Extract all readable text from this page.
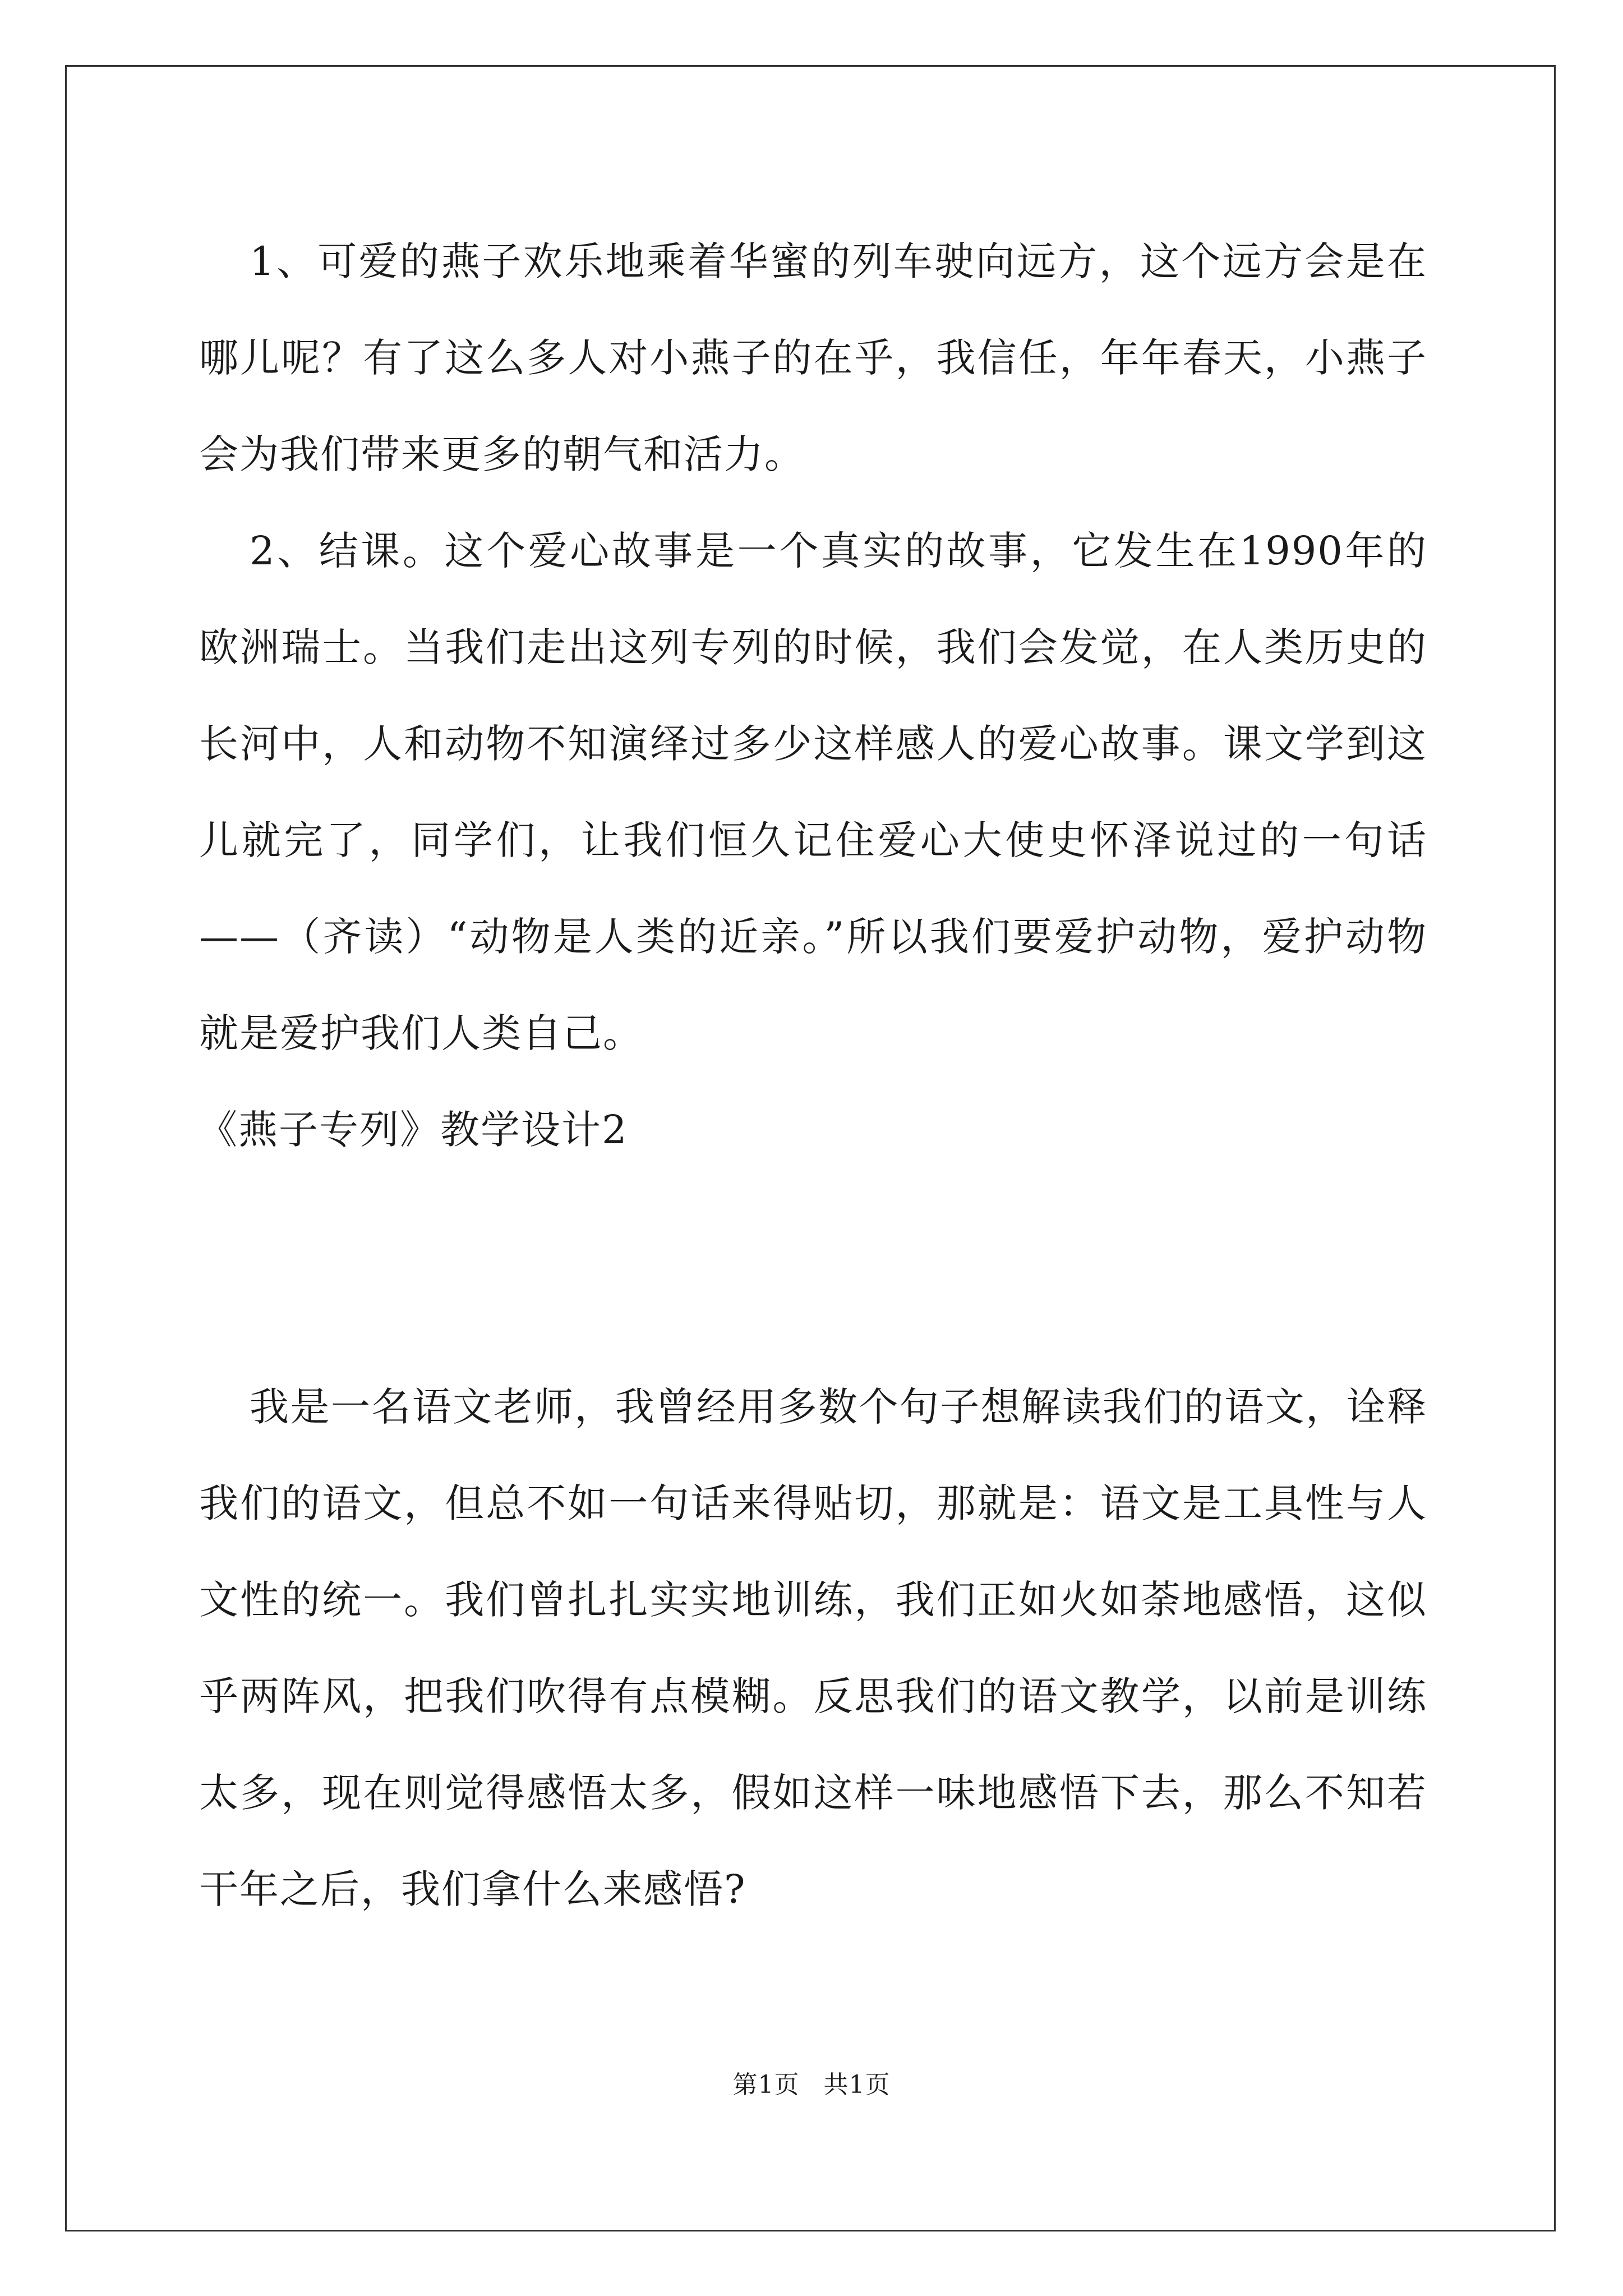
1、可爱的燕子欢乐地乘着华蜜的列车驶向远方，这个远方会是在哪儿呢？有了这么多人对小燕子的在乎，我信任，年年春天，小燕子会为我们带来更多的朝气和活力。

2、结课。这个爱心故事是一个真实的故事，它发生在1990年的欧洲瑞士。当我们走出这列专列的时候，我们会发觉，在人类历史的长河中，人和动物不知演绎过多少这样感人的爱心故事。课文学到这儿就完了，同学们，让我们恒久记住爱心大使史怀泽说过的一句话——（齐读）“动物是人类的近亲。”所以我们要爱护动物，爱护动物就是爱护我们人类自己。

《燕子专列》教学设计2

我是一名语文老师，我曾经用多数个句子想解读我们的语文，诠释我们的语文，但总不如一句话来得贴切，那就是：语文是工具性与人文性的统一。我们曾扎扎实实地训练，我们正如火如荼地感悟，这似乎两阵风，把我们吹得有点模糊。反思我们的语文教学，以前是训练太多，现在则觉得感悟太多，假如这样一味地感悟下去，那么不知若干年之后，我们拿什么来感悟?

第1页 共1页
